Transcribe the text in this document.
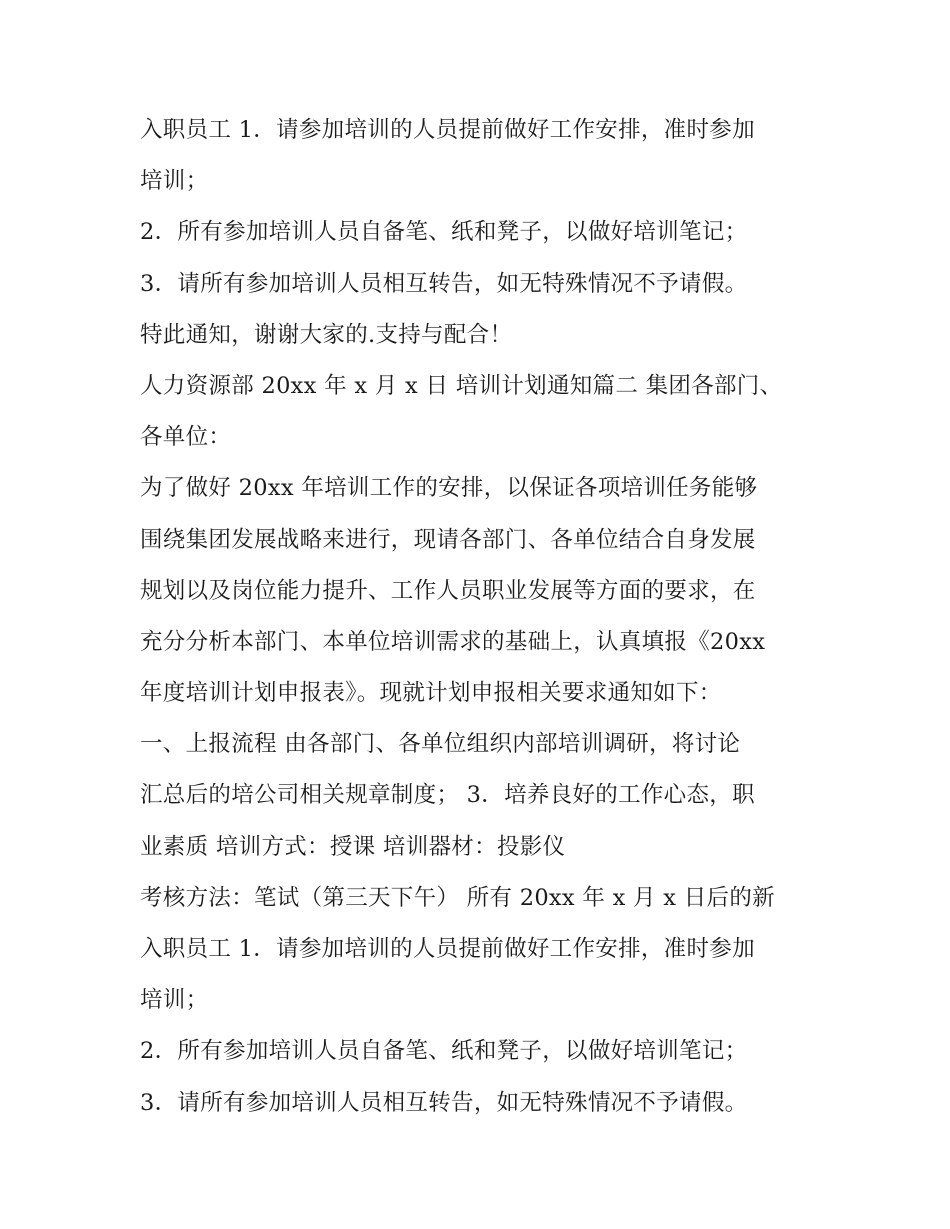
入职员工 1．请参加培训的人员提前做好工作安排，准时参加
培训；
2．所有参加培训人员自备笔、纸和凳子，以做好培训笔记；
3．请所有参加培训人员相互转告，如无特殊情况不予请假。
特此通知，谢谢大家的.支持与配合！
人力资源部 20xx 年 x 月 x 日 培训计划通知篇二 集团各部门、
各单位：
为了做好 20xx 年培训工作的安排，以保证各项培训任务能够
围绕集团发展战略来进行，现请各部门、各单位结合自身发展
规划以及岗位能力提升、工作人员职业发展等方面的要求，在
充分分析本部门、本单位培训需求的基础上，认真填报《20xx
年度培训计划申报表》。现就计划申报相关要求通知如下：
一、上报流程 由各部门、各单位组织内部培训调研，将讨论
汇总后的培公司相关规章制度； 3．培养良好的工作心态，职
业素质 培训方式：授课 培训器材：投影仪
考核方法：笔试（第三天下午） 所有 20xx 年 x 月 x 日后的新
入职员工 1．请参加培训的人员提前做好工作安排，准时参加
培训；
2．所有参加培训人员自备笔、纸和凳子，以做好培训笔记；
3．请所有参加培训人员相互转告，如无特殊情况不予请假。
